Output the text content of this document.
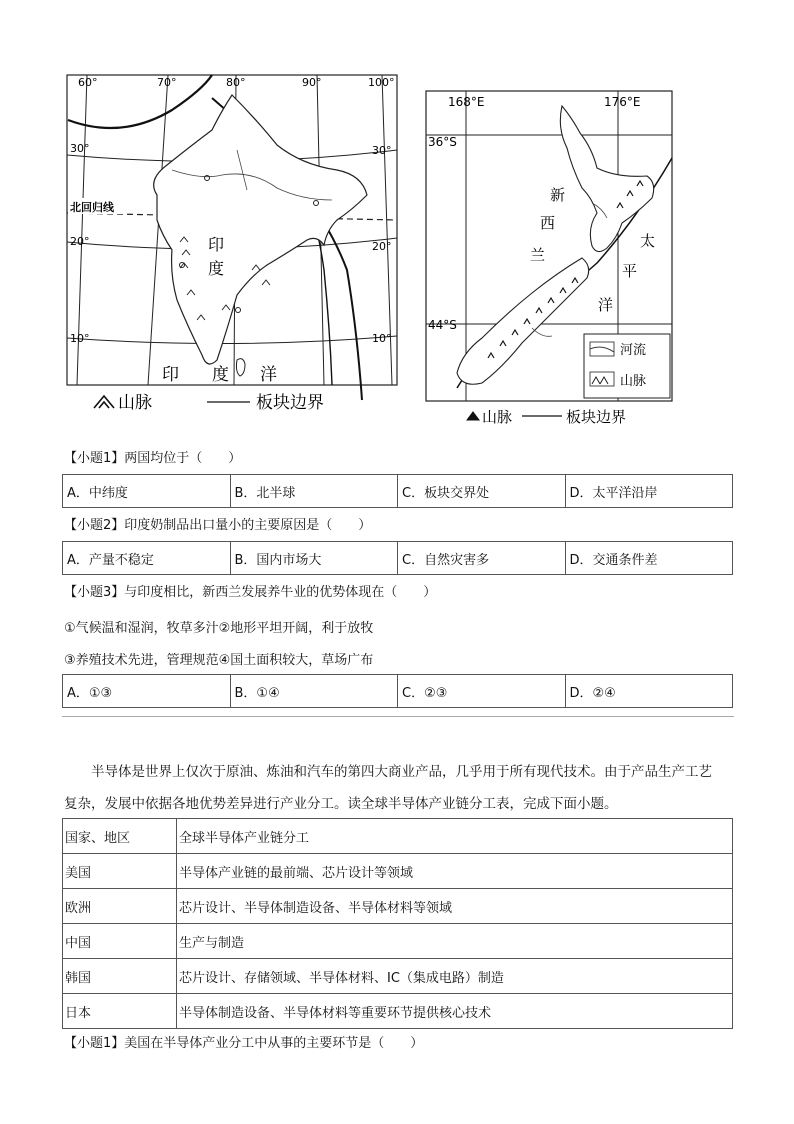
60°	70°	80°	90°	100°
30°
20°
10°
30°
20°
10°
北回归线
印
度
印 度 洋
山脉	板块边界
168°E	176°E
36°S
44°S
新
西
兰
太
平
洋
河流
山脉
山脉	板块边界
【小题1】两国均位于（　　）
A．中纬度	B．北半球	C．板块交界处	D．太平洋沿岸
【小题2】印度奶制品出口量小的主要原因是（　　）
A．产量不稳定	B．国内市场大	C．自然灾害多	D．交通条件差
【小题3】与印度相比，新西兰发展养牛业的优势体现在（　　）
①气候温和湿润，牧草多汁②地形平坦开阔，利于放牧
③养殖技术先进，管理规范④国土面积较大，草场广布
A．①③	B．①④	C．②③	D．②④
半导体是世界上仅次于原油、炼油和汽车的第四大商业产品，几乎用于所有现代技术。由于产品生产工艺
复杂，发展中依据各地优势差异进行产业分工。读全球半导体产业链分工表，完成下面小题。
国家、地区	全球半导体产业链分工
美国	半导体产业链的最前端、芯片设计等领域
欧洲	芯片设计、半导体制造设备、半导体材料等领域
中国	生产与制造
韩国	芯片设计、存储领域、半导体材料、IC（集成电路）制造
日本	半导体制造设备、半导体材料等重要环节提供核心技术
【小题1】美国在半导体产业分工中从事的主要环节是（　　）
